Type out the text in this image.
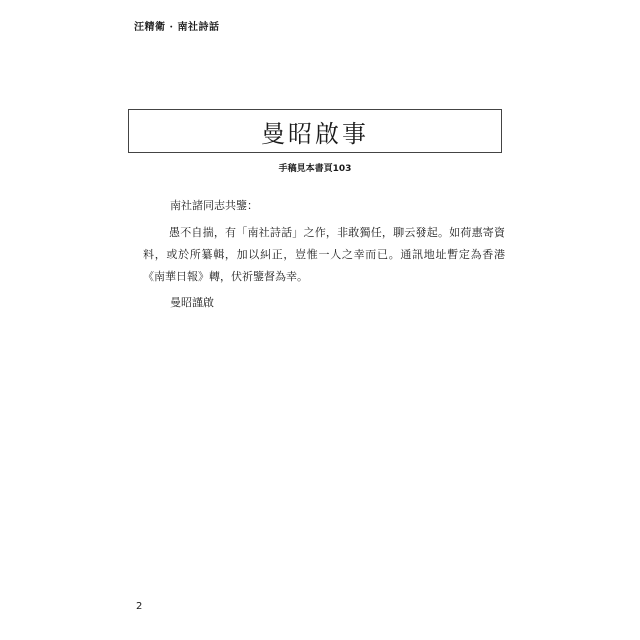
汪精衛 · 南社詩話
曼昭啟事
手稿見本書頁103
南社諸同志共鑒：
愚不自揣，有「南社詩話」之作，非敢獨任，聊云發起。如荷惠寄資料，或於所纂輯，加以糾正，豈惟一人之幸而已。通訊地址暫定為香港《南華日報》轉，伏祈鑒督為幸。
曼昭謹啟
2
